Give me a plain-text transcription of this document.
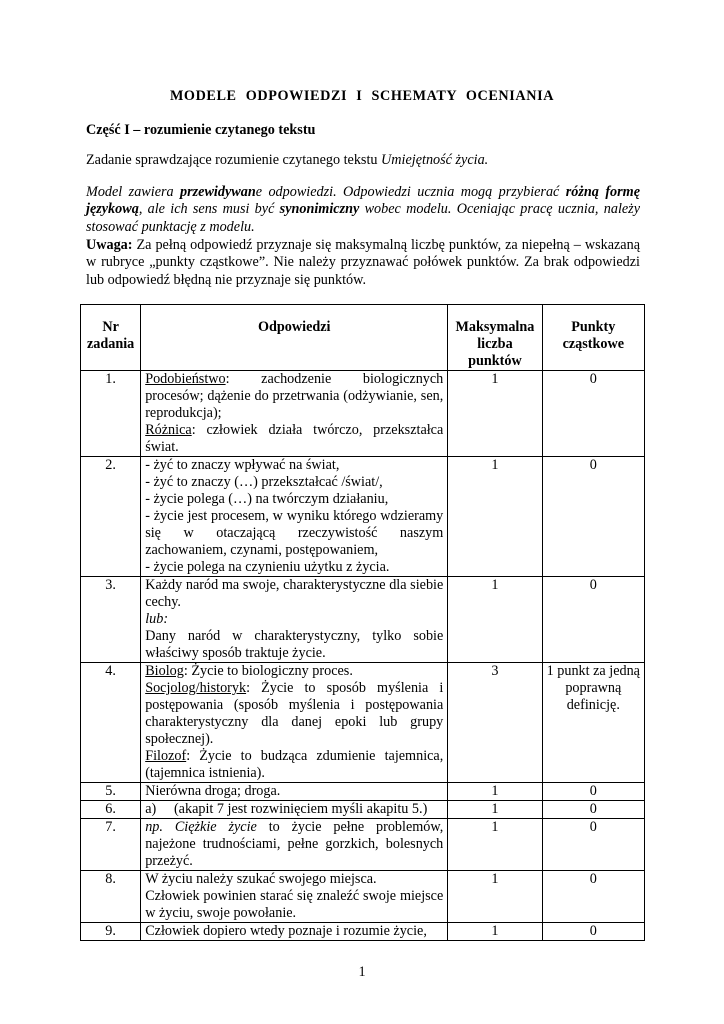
MODELE ODPOWIEDZI I SCHEMATY OCENIANIA
Część I – rozumienie czytanego tekstu
Zadanie sprawdzające rozumienie czytanego tekstu Umiejętność życia.
Model zawiera przewidywane odpowiedzi. Odpowiedzi ucznia mogą przybierać różną formę językową, ale ich sens musi być synonimiczny wobec modelu. Oceniając pracę ucznia, należy stosować punktację z modelu.
Uwaga: Za pełną odpowiedź przyznaje się maksymalną liczbę punktów, za niepełną – wskazaną w rubryce „punkty cząstkowe”. Nie należy przyznawać połówek punktów. Za brak odpowiedzi lub odpowiedź błędną nie przyznaje się punktów.
Nr zadania	Odpowiedzi	Maksymalna liczba punktów	Punkty cząstkowe
1.	Podobieństwo: zachodzenie biologicznych procesów; dążenie do przetrwania (odżywianie, sen, reprodukcja);
Różnica: człowiek działa twórczo, przekształca świat.	1	0
2.	- żyć to znaczy wpływać na świat,
- żyć to znaczy (…) przekształcać /świat/,
- życie polega (…) na twórczym działaniu,
- życie jest procesem, w wyniku którego wdzieramy się w otaczającą rzeczywistość naszym zachowaniem, czynami, postępowaniem,
- życie polega na czynieniu użytku z życia.	1	0
3.	Każdy naród ma swoje, charakterystyczne dla siebie cechy.
lub:
Dany naród w charakterystyczny, tylko sobie właściwy sposób traktuje życie.	1	0
4.	Biolog: Życie to biologiczny proces.
Socjolog/historyk: Życie to sposób myślenia i postępowania (sposób myślenia i postępowania charakterystyczny dla danej epoki lub grupy społecznej).
Filozof: Życie to budząca zdumienie tajemnica, (tajemnica istnienia).	3	1 punkt za jedną poprawną definicję.
5.	Nierówna droga; droga.	1	0
6.	a)     (akapit 7 jest rozwinięciem myśli akapitu 5.)	1	0
7.	np. Ciężkie życie to życie pełne problemów, najeżone trudnościami, pełne gorzkich, bolesnych przeżyć.	1	0
8.	W życiu należy szukać swojego miejsca.
Człowiek powinien starać się znaleźć swoje miejsce w życiu, swoje powołanie.	1	0
9.	Człowiek dopiero wtedy poznaje i rozumie życie,	1	0
1
